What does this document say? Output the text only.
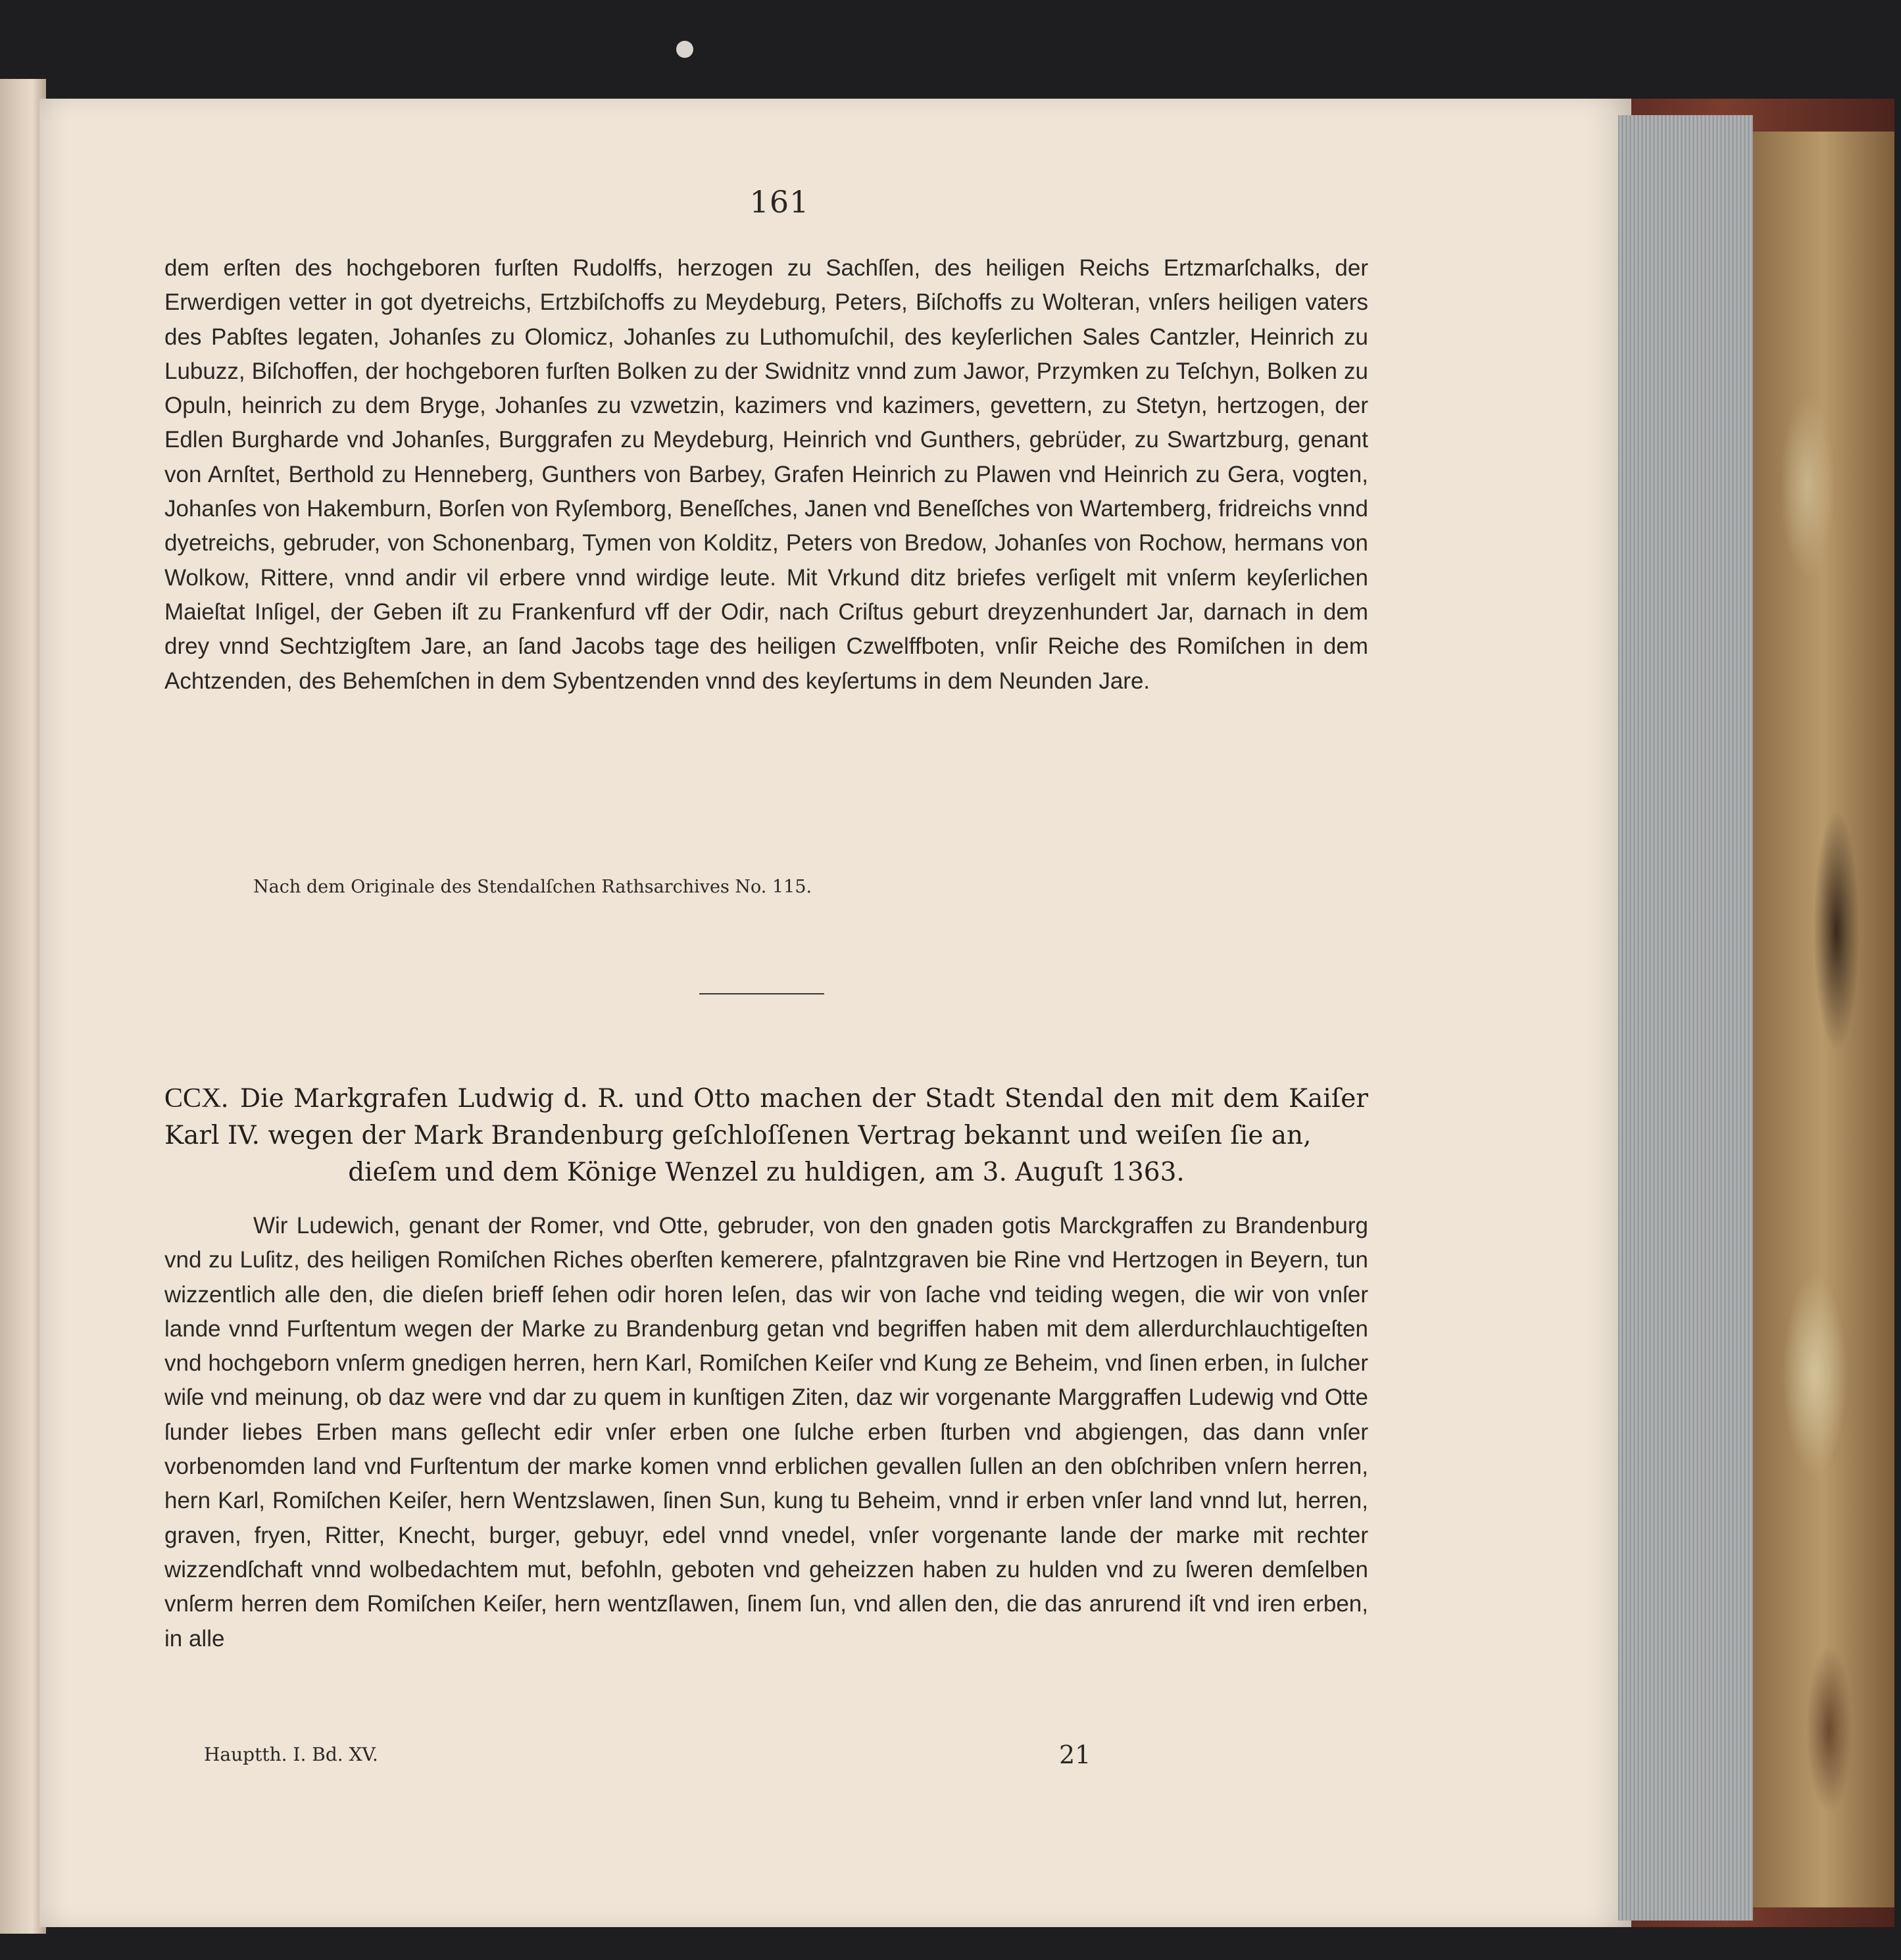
161

dem erſten des hochgeboren furſten Rudolffs, herzogen zu Sachſſen, des heiligen Reichs Ertzmarſchalks, der Erwerdigen vetter in got dyetreichs, Ertzbiſchoffs zu Meydeburg, Peters, Biſchoffs zu Wolteran, vnſers heiligen vaters des Pabſtes legaten, Johanſes zu Olomicz, Johanſes zu Luthomuſchil, des keyſerlichen Sales Cantzler, Heinrich zu Lubuzz, Biſchoffen, der hochgeboren furſten Bolken zu der Swidnitz vnnd zum Jawor, Przymken zu Teſchyn, Bolken zu Opuln, heinrich zu dem Bryge, Johanſes zu vzwetzin, kazimers vnd kazimers, gevettern, zu Stetyn, hertzogen, der Edlen Burgharde vnd Johanſes, Burggrafen zu Meydeburg, Heinrich vnd Gunthers, gebrüder, zu Swartzburg, genant von Arnſtet, Berthold zu Henneberg, Gunthers von Barbey, Grafen Heinrich zu Plawen vnd Heinrich zu Gera, vogten, Johanſes von Hakemburn, Borſen von Ryſemborg, Beneſſches, Janen vnd Beneſſches von Wartemberg, fridreichs vnnd dyetreichs, gebruder, von Schonenbarg, Tymen von Kolditz, Peters von Bredow, Johanſes von Rochow, hermans von Wolkow, Rittere, vnnd andir vil erbere vnnd wirdige leute. Mit Vrkund ditz briefes verſigelt mit vnſerm keyſerlichen Maieſtat Inſigel, der Geben iſt zu Frankenfurd vff der Odir, nach Criſtus geburt dreyzenhundert Jar, darnach in dem drey vnnd Sechtzigſtem Jare, an ſand Jacobs tage des heiligen Czwelffboten, vnſir Reiche des Romiſchen in dem Achtzenden, des Behemſchen in dem Sybentzenden vnnd des keyſertums in dem Neunden Jare.

Nach dem Originale des Stendalſchen Rathsarchives No. 115.
CCX. Die Markgrafen Ludwig d. R. und Otto machen der Stadt Stendal den mit dem Kaiſer Karl IV. wegen der Mark Brandenburg geſchloſſenen Vertrag bekannt und weiſen ſie an,
dieſem und dem Könige Wenzel zu huldigen, am 3. Auguſt 1363.

Wir Ludewich, genant der Romer, vnd Otte, gebruder, von den gnaden gotis Marckgraffen zu Brandenburg vnd zu Luſitz, des heiligen Romiſchen Riches oberſten kemerere, pfalntzgraven bie Rine vnd Hertzogen in Beyern, tun wizzentlich alle den, die dieſen brieff ſehen odir horen leſen, das wir von ſache vnd teiding wegen, die wir von vnſer lande vnnd Furſtentum wegen der Marke zu Brandenburg getan vnd begriffen haben mit dem allerdurchlauchtigeſten vnd hochgeborn vnſerm gnedigen herren, hern Karl, Romiſchen Keiſer vnd Kung ze Beheim, vnd ſinen erben, in ſulcher wiſe vnd meinung, ob daz were vnd dar zu quem in kunſtigen Ziten, daz wir vorgenante Marggraffen Ludewig vnd Otte ſunder liebes Erben mans geſlecht edir vnſer erben one ſulche erben ſturben vnd abgiengen, das dann vnſer vorbenomden land vnd Furſtentum der marke komen vnnd erblichen gevallen ſullen an den obſchriben vnſern herren, hern Karl, Romiſchen Keiſer, hern Wentzslawen, ſinen Sun, kung tu Beheim, vnnd ir erben vnſer land vnnd lut, herren, graven, fryen, Ritter, Knecht, burger, gebuyr, edel vnnd vnedel, vnſer vorgenante lande der marke mit rechter wizzendſchaft vnnd wolbedachtem mut, befohln, geboten vnd geheizzen haben zu hulden vnd zu ſweren demſelben vnſerm herren dem Romiſchen Keiſer, hern wentzſlawen, ſinem ſun, vnd allen den, die das anrurend iſt vnd iren erben, in alle

Hauptth. I. Bd. XV.	21
